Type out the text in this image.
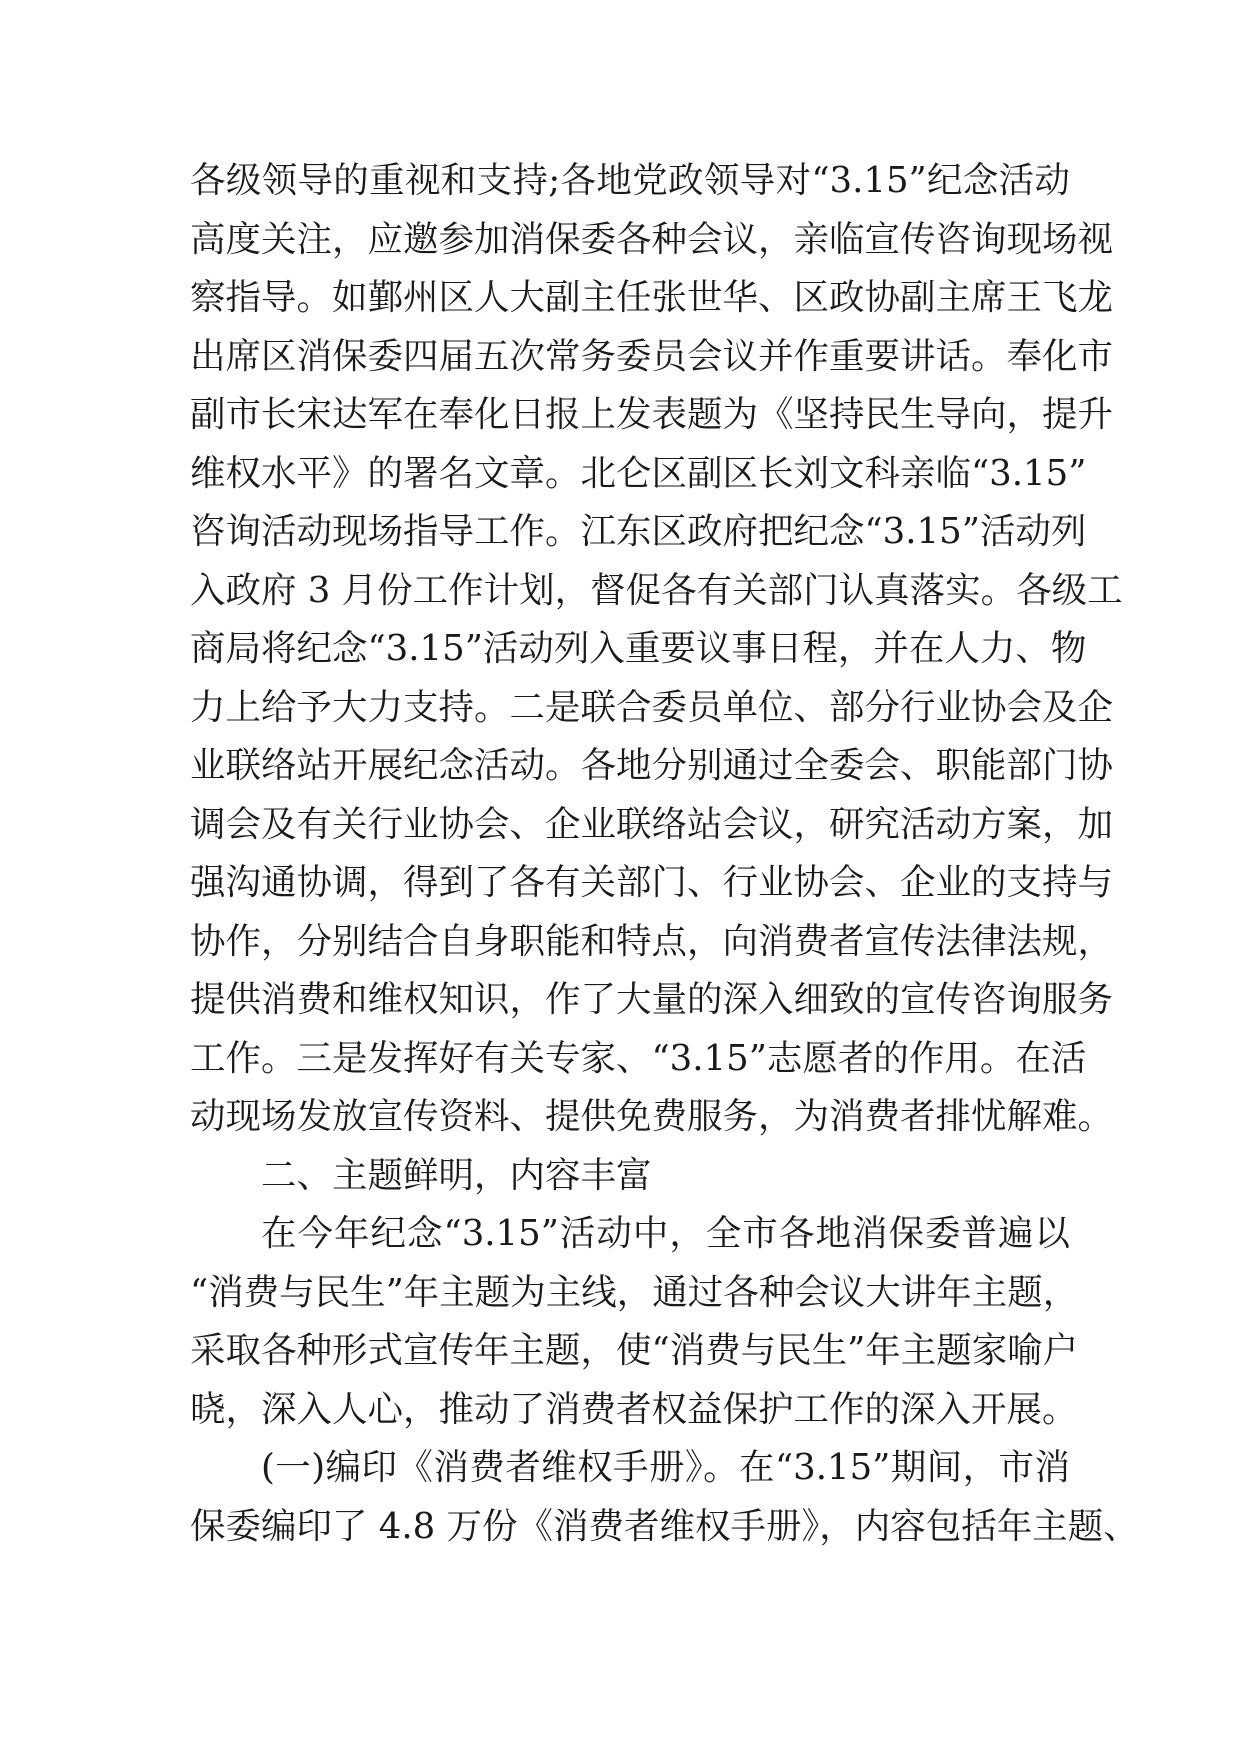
各级领导的重视和支持;各地党政领导对“3.15”纪念活动
高度关注，应邀参加消保委各种会议，亲临宣传咨询现场视
察指导。如鄞州区人大副主任张世华、区政协副主席王飞龙
出席区消保委四届五次常务委员会议并作重要讲话。奉化市
副市长宋达军在奉化日报上发表题为《坚持民生导向，提升
维权水平》的署名文章。北仑区副区长刘文科亲临“3.15”
咨询活动现场指导工作。江东区政府把纪念“3.15”活动列
入政府 3 月份工作计划，督促各有关部门认真落实。各级工
商局将纪念“3.15”活动列入重要议事日程，并在人力、物
力上给予大力支持。二是联合委员单位、部分行业协会及企
业联络站开展纪念活动。各地分别通过全委会、职能部门协
调会及有关行业协会、企业联络站会议，研究活动方案，加
强沟通协调，得到了各有关部门、行业协会、企业的支持与
协作，分别结合自身职能和特点，向消费者宣传法律法规，
提供消费和维权知识，作了大量的深入细致的宣传咨询服务
工作。三是发挥好有关专家、“3.15”志愿者的作用。在活
动现场发放宣传资料、提供免费服务，为消费者排忧解难。
二、主题鲜明，内容丰富
在今年纪念“3.15”活动中，全市各地消保委普遍以
“消费与民生”年主题为主线，通过各种会议大讲年主题，
采取各种形式宣传年主题，使“消费与民生”年主题家喻户
晓，深入人心，推动了消费者权益保护工作的深入开展。
(一)编印《消费者维权手册》。在“3.15”期间，市消
保委编印了 4.8 万份《消费者维权手册》，内容包括年主题、
